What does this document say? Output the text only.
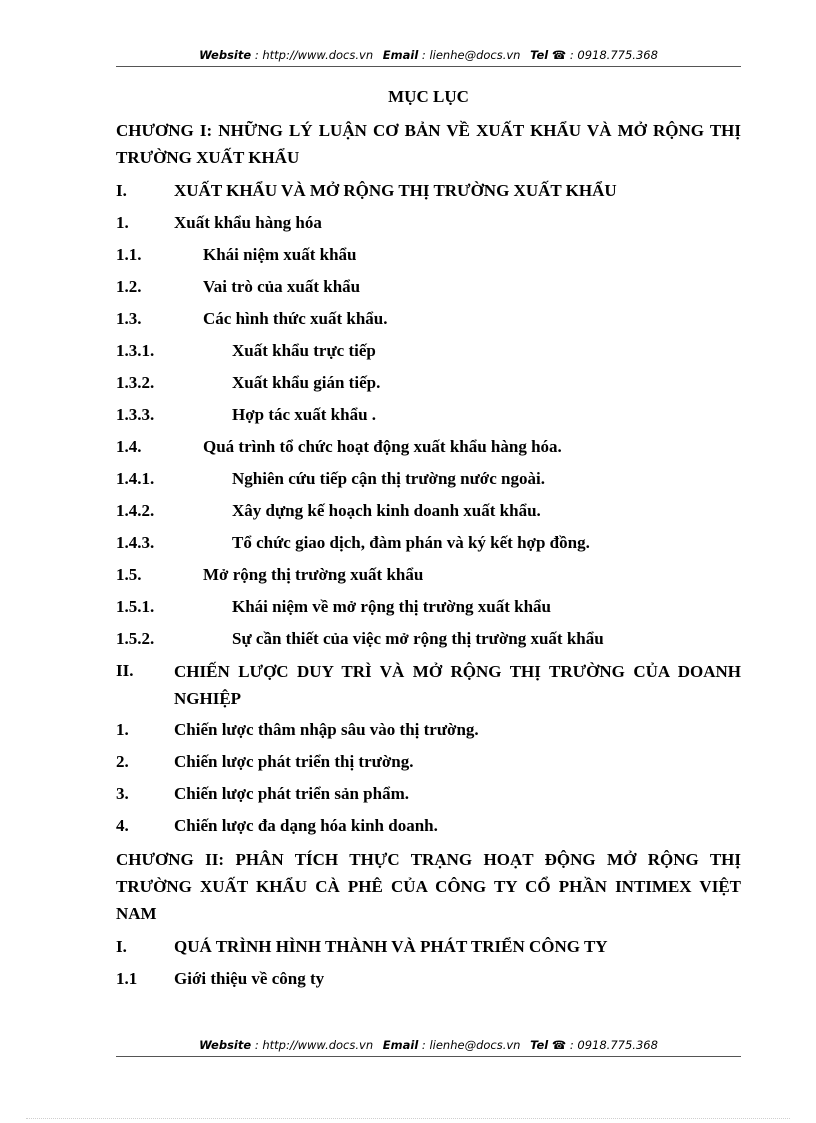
Website : http://www.docs.vn Email : lienhe@docs.vn Tel ☎ : 0918.775.368
MỤC LỤC
CHƯƠNG I: NHỮNG LÝ LUẬN CƠ BẢN VỀ XUẤT KHẨU VÀ MỞ RỘNG THỊ TRƯỜNG XUẤT KHẨU
I.	XUẤT KHẨU VÀ MỞ RỘNG THỊ TRƯỜNG XUẤT KHẨU
1.	Xuất khẩu hàng hóa
1.1.	Khái niệm xuất khẩu
1.2.	Vai trò của xuất khẩu
1.3.	Các hình thức xuất khẩu.
1.3.1.	Xuất khẩu trực tiếp
1.3.2.	Xuất khẩu gián tiếp.
1.3.3.	Hợp tác xuất khẩu .
1.4.	Quá trình tổ chức hoạt động xuất khẩu hàng hóa.
1.4.1.	Nghiên cứu tiếp cận thị trường nước ngoài.
1.4.2.	Xây dựng kế hoạch kinh doanh xuất khẩu.
1.4.3.	Tổ chức giao dịch, đàm phán và ký kết hợp đồng.
1.5.	Mở rộng thị trường xuất khẩu
1.5.1.	Khái niệm về mở rộng thị trường xuất khẩu
1.5.2.	Sự cần thiết của việc mở rộng thị trường xuất khẩu
II. CHIẾN LƯỢC DUY TRÌ VÀ MỞ RỘNG THỊ TRƯỜNG CỦA DOANH NGHIỆP
1.	Chiến lược thâm nhập sâu vào thị trường.
2.	Chiến lược phát triển thị trường.
3.	Chiến lược phát triển sản phẩm.
4.	Chiến lược đa dạng hóa kinh doanh.
CHƯƠNG II: PHÂN TÍCH THỰC TRẠNG HOẠT ĐỘNG MỞ RỘNG THỊ TRƯỜNG XUẤT KHẨU CÀ PHÊ CỦA CÔNG TY CỔ PHẦN INTIMEX VIỆT NAM
I.	QUÁ TRÌNH HÌNH THÀNH VÀ PHÁT TRIỂN CÔNG TY
1.1 Giới thiệu về công ty
Website : http://www.docs.vn Email : lienhe@docs.vn Tel ☎ : 0918.775.368
